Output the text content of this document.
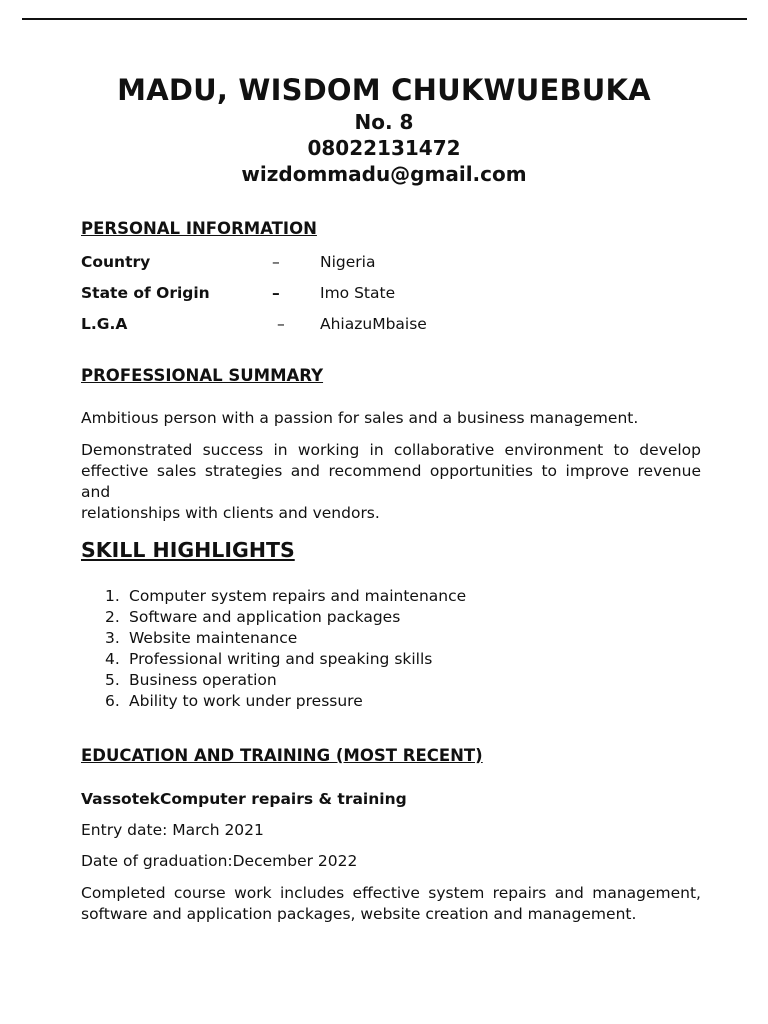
MADU, WISDOM CHUKWUEBUKA
No. 8
08022131472
wizdommadu@gmail.com
PERSONAL INFORMATION
Country	–	Nigeria
State of Origin	–	Imo State
L.G.A	– AhiazuMbaise
PROFESSIONAL SUMMARY
Ambitious person with a passion for sales and a business management.
Demonstrated success in working in collaborative environment to develop
effective sales strategies and recommend opportunities to improve revenue and
relationships with clients and vendors.
SKILL HIGHLIGHTS
1. Computer system repairs and maintenance
2. Software and application packages
3. Website maintenance
4. Professional writing and speaking skills
5. Business operation
6. Ability to work under pressure
EDUCATION AND TRAINING (MOST RECENT)
VassotekComputer repairs & training
Entry date: March 2021
Date of graduation:December 2022
Completed course work includes effective system repairs and management,
software and application packages, website creation and management.
